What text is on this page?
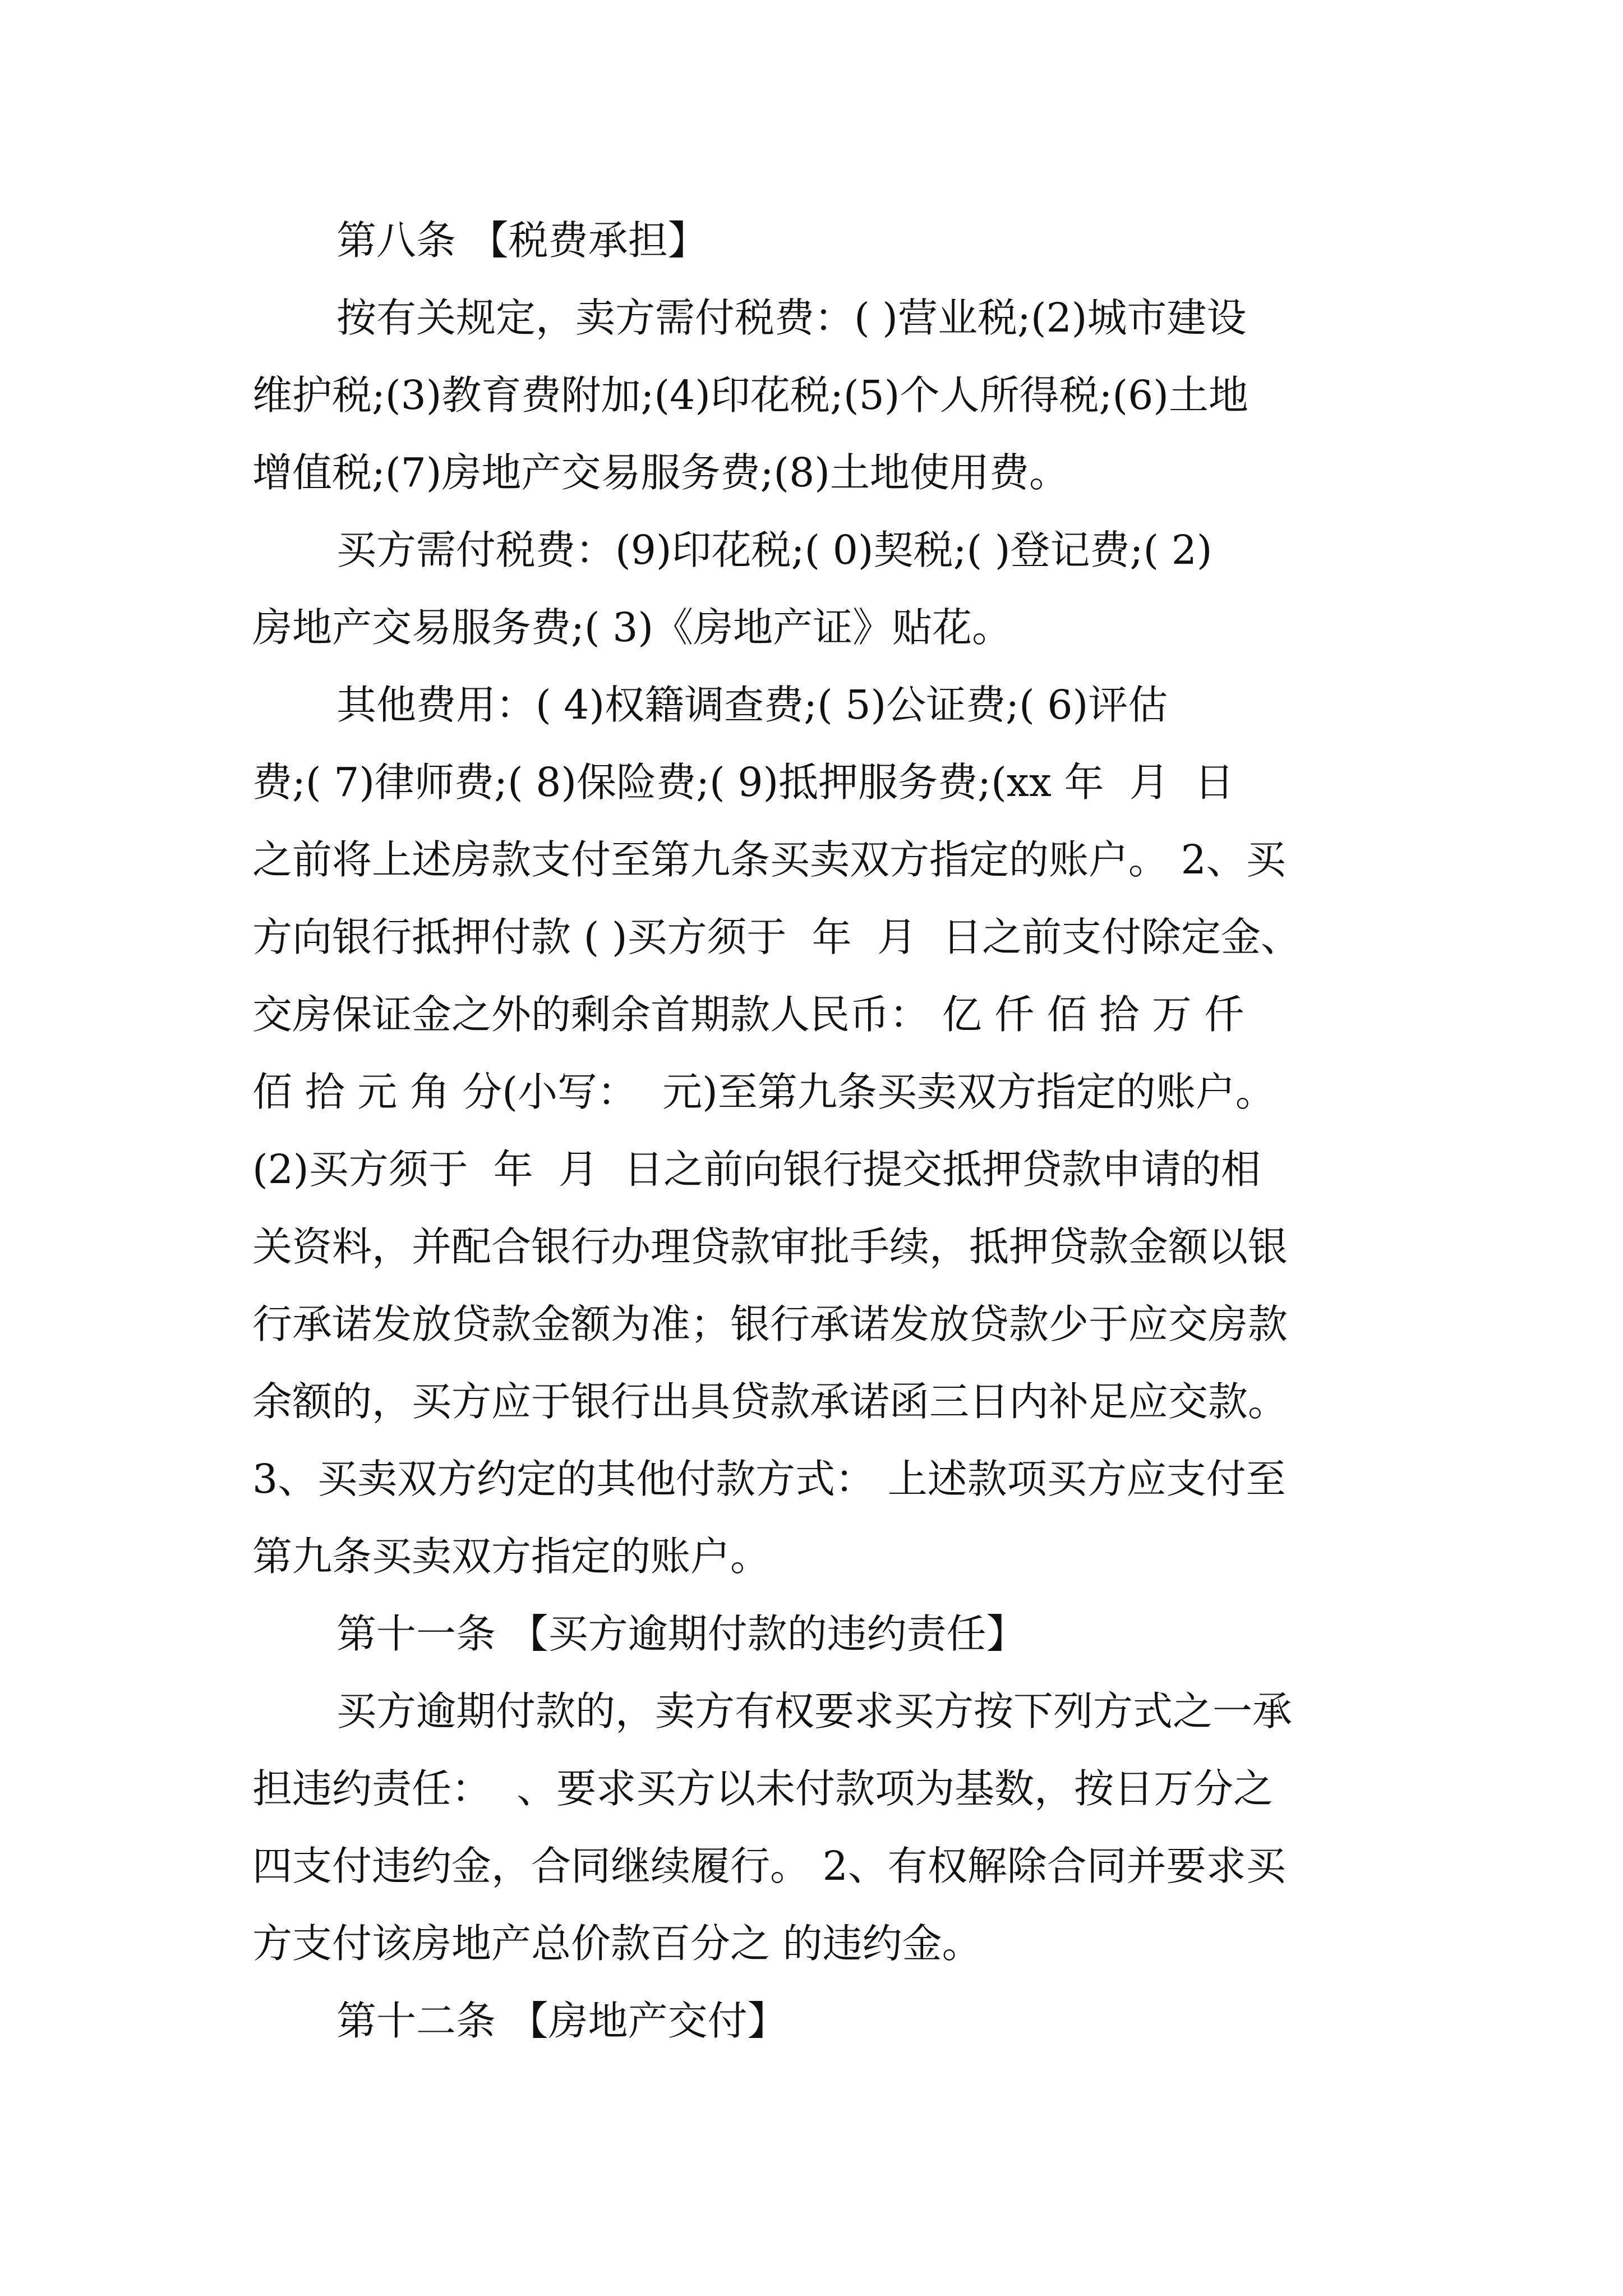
第八条 【税费承担】
按有关规定，卖方需付税费：( )营业税;(2)城市建设
维护税;(3)教育费附加;(4)印花税;(5)个人所得税;(6)土地
增值税;(7)房地产交易服务费;(8)土地使用费。
买方需付税费：(9)印花税;( 0)契税;( )登记费;( 2)
房地产交易服务费;( 3)《房地产证》贴花。
其他费用：( 4)权籍调查费;( 5)公证费;( 6)评估
费;( 7)律师费;( 8)保险费;( 9)抵押服务费;(xx 年  月  日
之前将上述房款支付至第九条买卖双方指定的账户。 2、买
方向银行抵押付款 ( )买方须于  年  月  日之前支付除定金、
交房保证金之外的剩余首期款人民币： 亿 仟 佰 拾 万 仟
佰 拾 元 角 分(小写：  元)至第九条买卖双方指定的账户。
(2)买方须于  年  月  日之前向银行提交抵押贷款申请的相
关资料，并配合银行办理贷款审批手续，抵押贷款金额以银
行承诺发放贷款金额为准；银行承诺发放贷款少于应交房款
余额的，买方应于银行出具贷款承诺函三日内补足应交款。
3、买卖双方约定的其他付款方式： 上述款项买方应支付至
第九条买卖双方指定的账户。
第十一条 【买方逾期付款的违约责任】
买方逾期付款的，卖方有权要求买方按下列方式之一承
担违约责任：  、要求买方以未付款项为基数，按日万分之
四支付违约金，合同继续履行。 2、有权解除合同并要求买
方支付该房地产总价款百分之 的违约金。
第十二条 【房地产交付】
